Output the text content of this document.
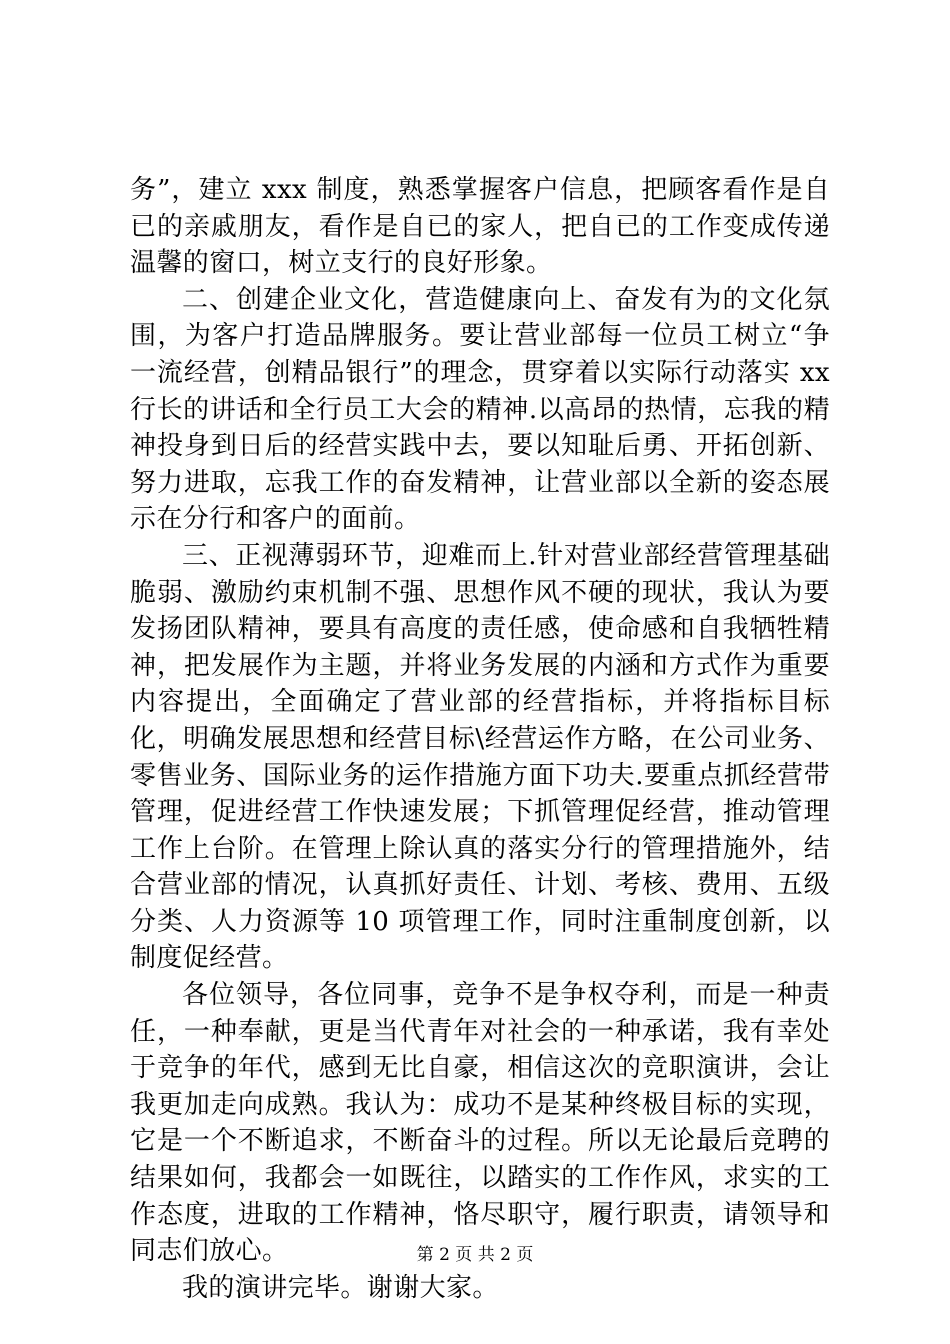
务”，建立 xxx 制度，熟悉掌握客户信息，把顾客看作是自已的亲戚朋友，看作是自已的家人，把自已的工作变成传递温馨的窗口，树立支行的良好形象。

二、创建企业文化，营造健康向上、奋发有为的文化氛围，为客户打造品牌服务。要让营业部每一位员工树立“争一流经营，创精品银行”的理念，贯穿着以实际行动落实 xx 行长的讲话和全行员工大会的精神.以高昂的热情，忘我的精神投身到日后的经营实践中去，要以知耻后勇、开拓创新、努力进取，忘我工作的奋发精神，让营业部以全新的姿态展示在分行和客户的面前。

三、正视薄弱环节，迎难而上.针对营业部经营管理基础脆弱、激励约束机制不强、思想作风不硬的现状，我认为要发扬团队精神，要具有高度的责任感，使命感和自我牺牲精神，把发展作为主题，并将业务发展的内涵和方式作为重要内容提出，全面确定了营业部的经营指标，并将指标目标化，明确发展思想和经营目标\经营运作方略，在公司业务、零售业务、国际业务的运作措施方面下功夫.要重点抓经营带管理，促进经营工作快速发展；下抓管理促经营，推动管理工作上台阶。在管理上除认真的落实分行的管理措施外，结合营业部的情况，认真抓好责任、计划、考核、费用、五级分类、人力资源等 10 项管理工作，同时注重制度创新，以制度促经营。

各位领导，各位同事，竞争不是争权夺利，而是一种责任，一种奉献，更是当代青年对社会的一种承诺，我有幸处于竞争的年代，感到无比自豪，相信这次的竞职演讲，会让我更加走向成熟。我认为：成功不是某种终极目标的实现，它是一个不断追求，不断奋斗的过程。所以无论最后竞聘的结果如何，我都会一如既往，以踏实的工作作风，求实的工作态度，进取的工作精神，恪尽职守，履行职责，请领导和同志们放心。

我的演讲完毕。谢谢大家。

第 2 页 共 2 页
